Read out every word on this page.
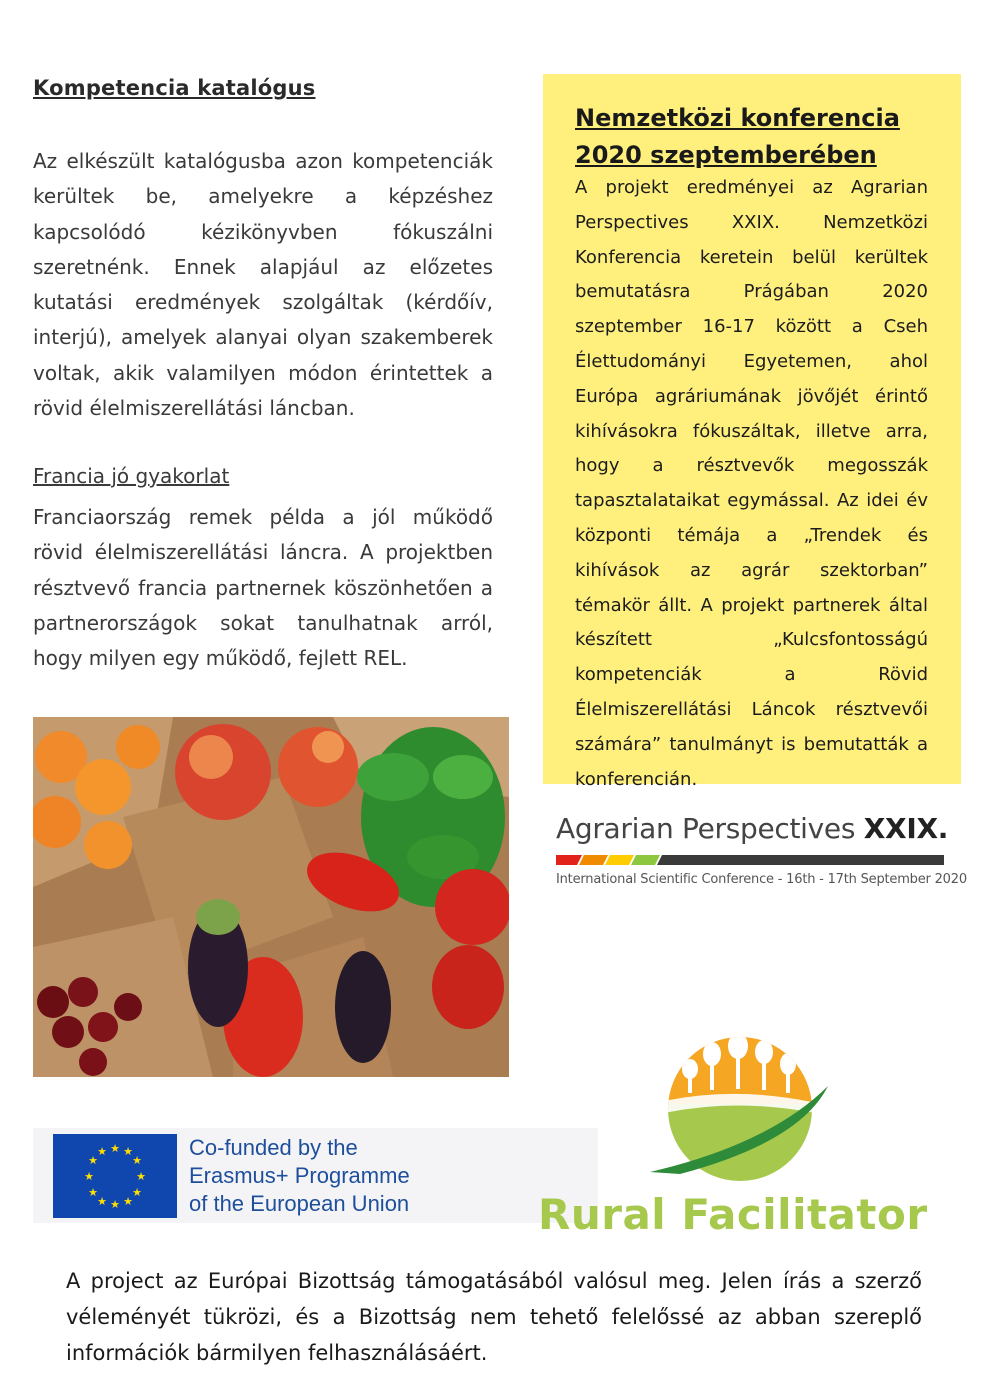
Kompetencia katalógus
Az elkészült katalógusba azon kompetenciák kerültek be, amelyekre a képzéshez kapcsolódó kézikönyvben fókuszálni szeretnénk. Ennek alapjául az előzetes kutatási eredmények szolgáltak (kérdőív, interjú), amelyek alanyai olyan szakemberek voltak, akik valamilyen módon érintettek a rövid élelmiszerellátási láncban.
Francia jó gyakorlat
Franciaország remek példa a jól működő rövid élelmiszerellátási láncra. A projektben résztvevő francia partnernek köszönhetően a partnerországok sokat tanulhatnak arról, hogy milyen egy működő, fejlett REL.
Nemzetközi konferencia 2020 szeptemberében
A projekt eredményei az Agrarian Perspectives XXIX. Nemzetközi Konferencia keretein belül kerültek bemutatásra Prágában 2020 szeptember 16-17 között a Cseh Élettudományi Egyetemen, ahol Európa agráriumának jövőjét érintő kihívásokra fókuszáltak, illetve arra, hogy a résztvevők megosszák tapasztalataikat egymással. Az idei év központi témája a „Trendek és kihívások az agrár szektorban” témakör állt. A projekt partnerek által készített „Kulcsfontosságú kompetenciák a Rövid Élelmiszerellátási Láncok résztvevői számára” tanulmányt is bemutatták a konferencián.
Agrarian Perspectives XXIX.
International Scientific Conference - 16th - 17th September 2020
★ ★
★
★
★
★
★
★
★
★
★
★	Co-funded by the
Erasmus+ Programme
of the European Union	Rural Facilitator
A project az Európai Bizottság támogatásából valósul meg. Jelen írás a szerző véleményét tükrözi, és a Bizottság nem tehető felelőssé az abban szereplő információk bármilyen felhasználásáért.
